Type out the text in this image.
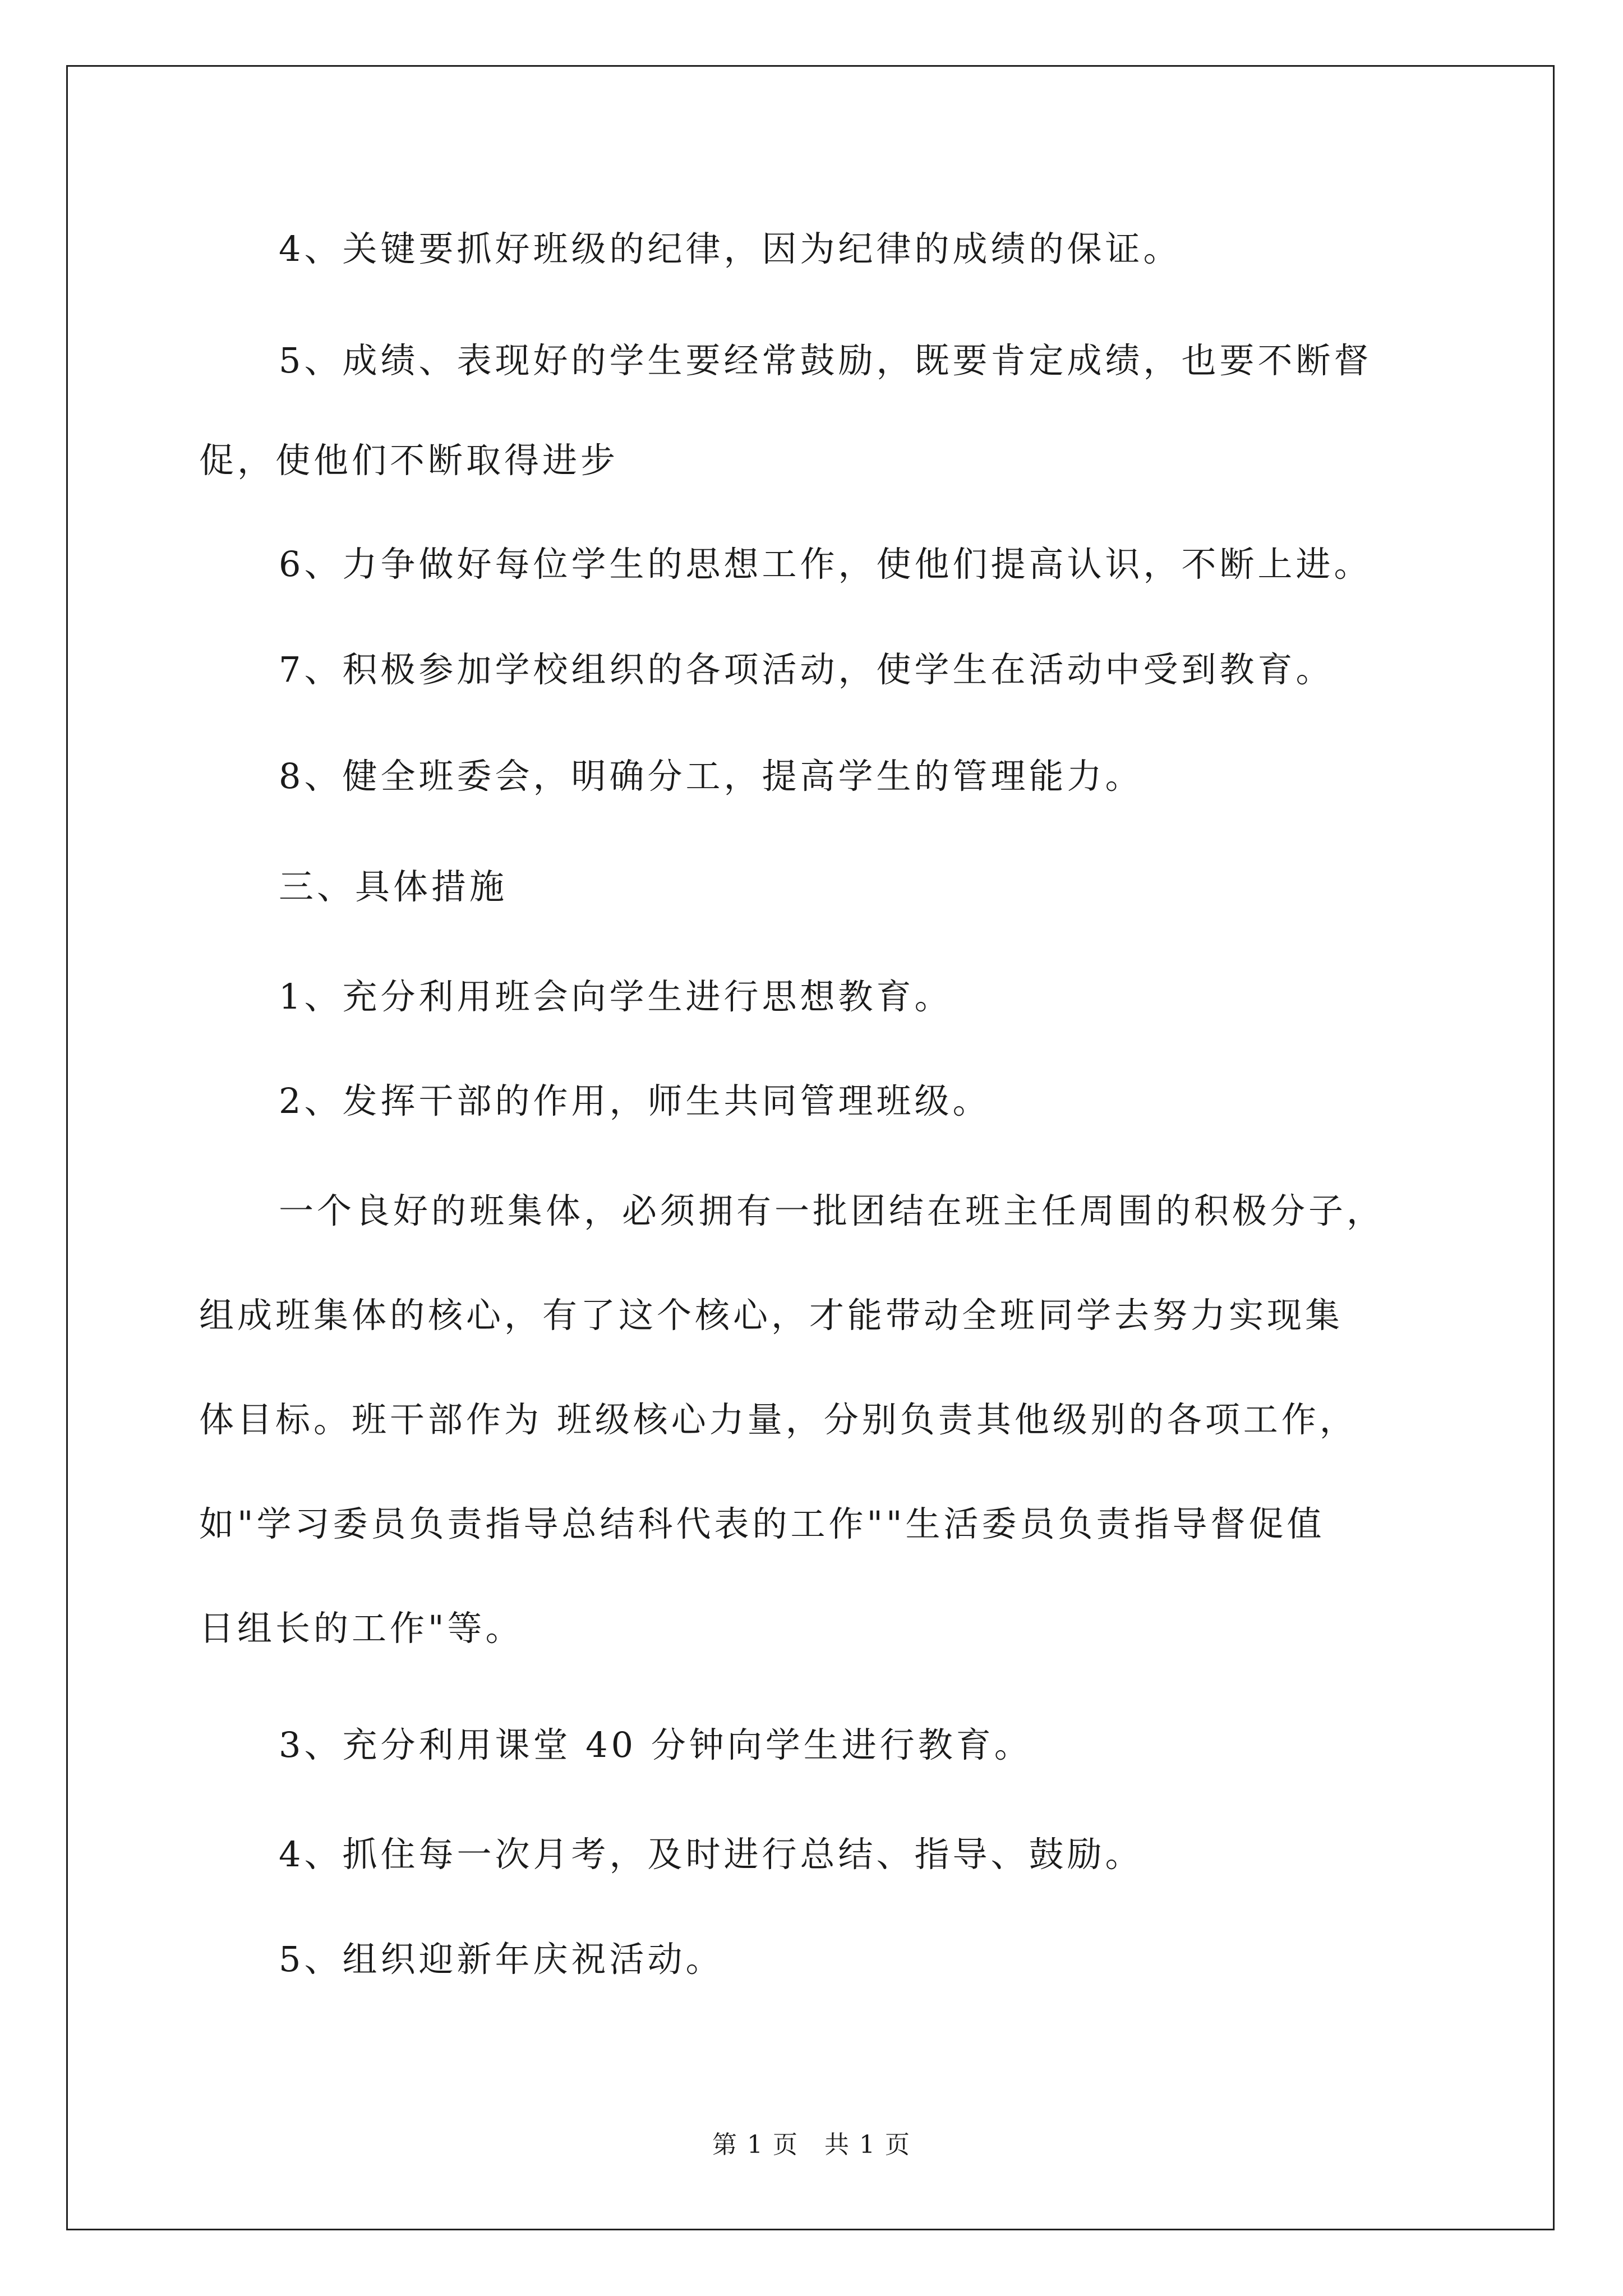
4、关键要抓好班级的纪律，因为纪律的成绩的保证。
5、成绩、表现好的学生要经常鼓励，既要肯定成绩，也要不断督
促，使他们不断取得进步
6、力争做好每位学生的思想工作，使他们提高认识，不断上进。
7、积极参加学校组织的各项活动，使学生在活动中受到教育。
8、健全班委会，明确分工，提高学生的管理能力。
三、具体措施
1、充分利用班会向学生进行思想教育。
2、发挥干部的作用，师生共同管理班级。
一个良好的班集体，必须拥有一批团结在班主任周围的积极分子，
组成班集体的核心，有了这个核心，才能带动全班同学去努力实现集
体目标。班干部作为 班级核心力量，分别负责其他级别的各项工作，
如"学习委员负责指导总结科代表的工作""生活委员负责指导督促值
日组长的工作"等。
3、充分利用课堂 40 分钟向学生进行教育。
4、抓住每一次月考，及时进行总结、指导、鼓励。
5、组织迎新年庆祝活动。
第 1 页　共 1 页
